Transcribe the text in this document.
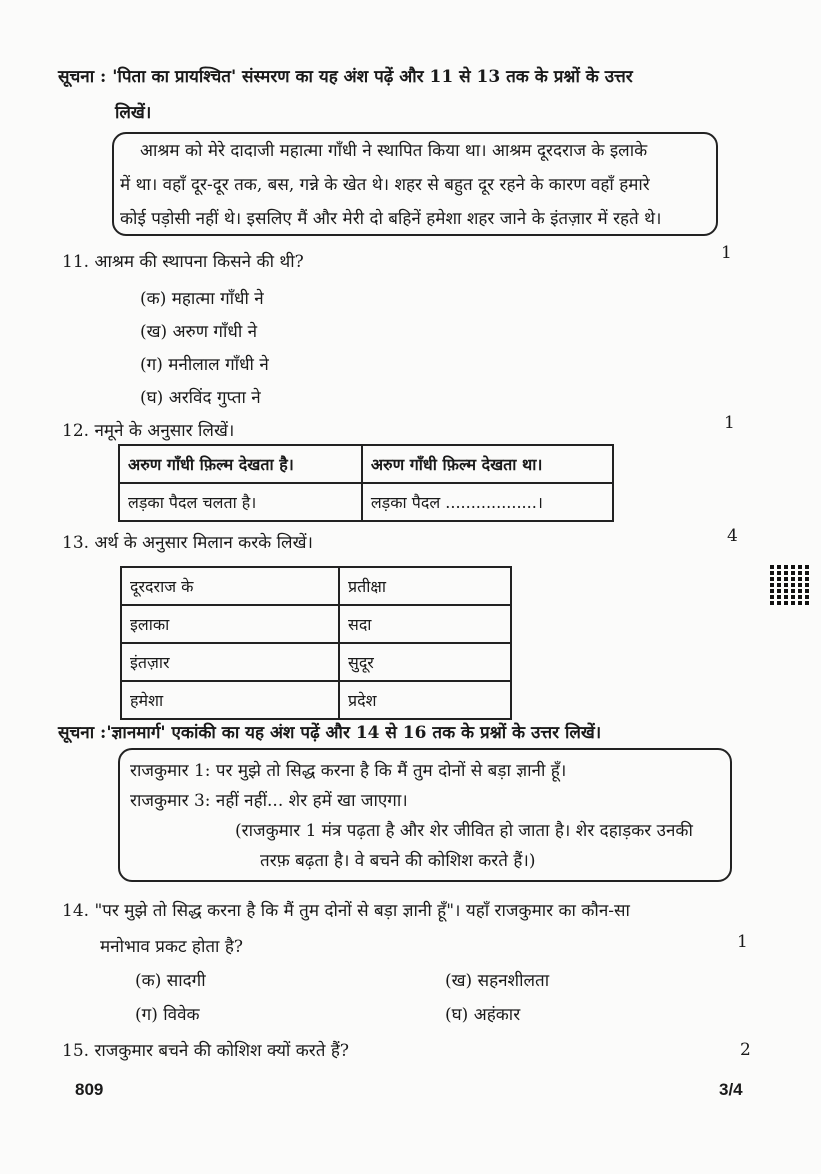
सूचना : 'पिता का प्रायश्चित' संस्मरण का यह अंश पढ़ें और 11 से 13 तक के प्रश्नों के उत्तर
लिखें।

आश्रम को मेरे दादाजी महात्मा गाँधी ने स्थापित किया था। आश्रम दूरदराज के इलाके

में था। वहाँ दूर-दूर तक, बस, गन्ने के खेत थे। शहर से बहुत दूर रहने के कारण वहाँ हमारे

कोई पड़ोसी नहीं थे। इसलिए मैं और मेरी दो बहिनें हमेशा शहर जाने के इंतज़ार में रहते थे।

11. आश्रम की स्थापना किसने की थी?	1
(क) महात्मा गाँधी ने
(ख) अरुण गाँधी ने
(ग) मनीलाल गाँधी ने
(घ) अरविंद गुप्ता ने
12. नमूने के अनुसार लिखें।	1
अरुण गाँधी फ़िल्म देखता है।	अरुण गाँधी फ़िल्म देखता था।
लड़का पैदल चलता है।	लड़का पैदल ..................।
13. अर्थ के अनुसार मिलान करके लिखें।	4
दूरदराज के	प्रतीक्षा
इलाका	सदा
इंतज़ार	सुदूर
हमेशा	प्रदेश
सूचना :'ज्ञानमार्ग' एकांकी का यह अंश पढ़ें और 14 से 16 तक के प्रश्नों के उत्तर लिखें।

राजकुमार 1: पर मुझे तो सिद्ध करना है कि मैं तुम दोनों से बड़ा ज्ञानी हूँ।

राजकुमार 3: नहीं नहीं... शेर हमें खा जाएगा।

(राजकुमार 1 मंत्र पढ़ता है और शेर जीवित हो जाता है। शेर दहाड़कर उनकी

तरफ़ बढ़ता है। वे बचने की कोशिश करते हैं।)

14. "पर मुझे तो सिद्ध करना है कि मैं तुम दोनों से बड़ा ज्ञानी हूँ"। यहाँ राजकुमार का कौन-सा
मनोभाव प्रकट होता है?	1
(क) सादगी	(ख) सहनशीलता
(ग) विवेक	(घ) अहंकार
15. राजकुमार बचने की कोशिश क्यों करते हैं?	2
809	3/4
